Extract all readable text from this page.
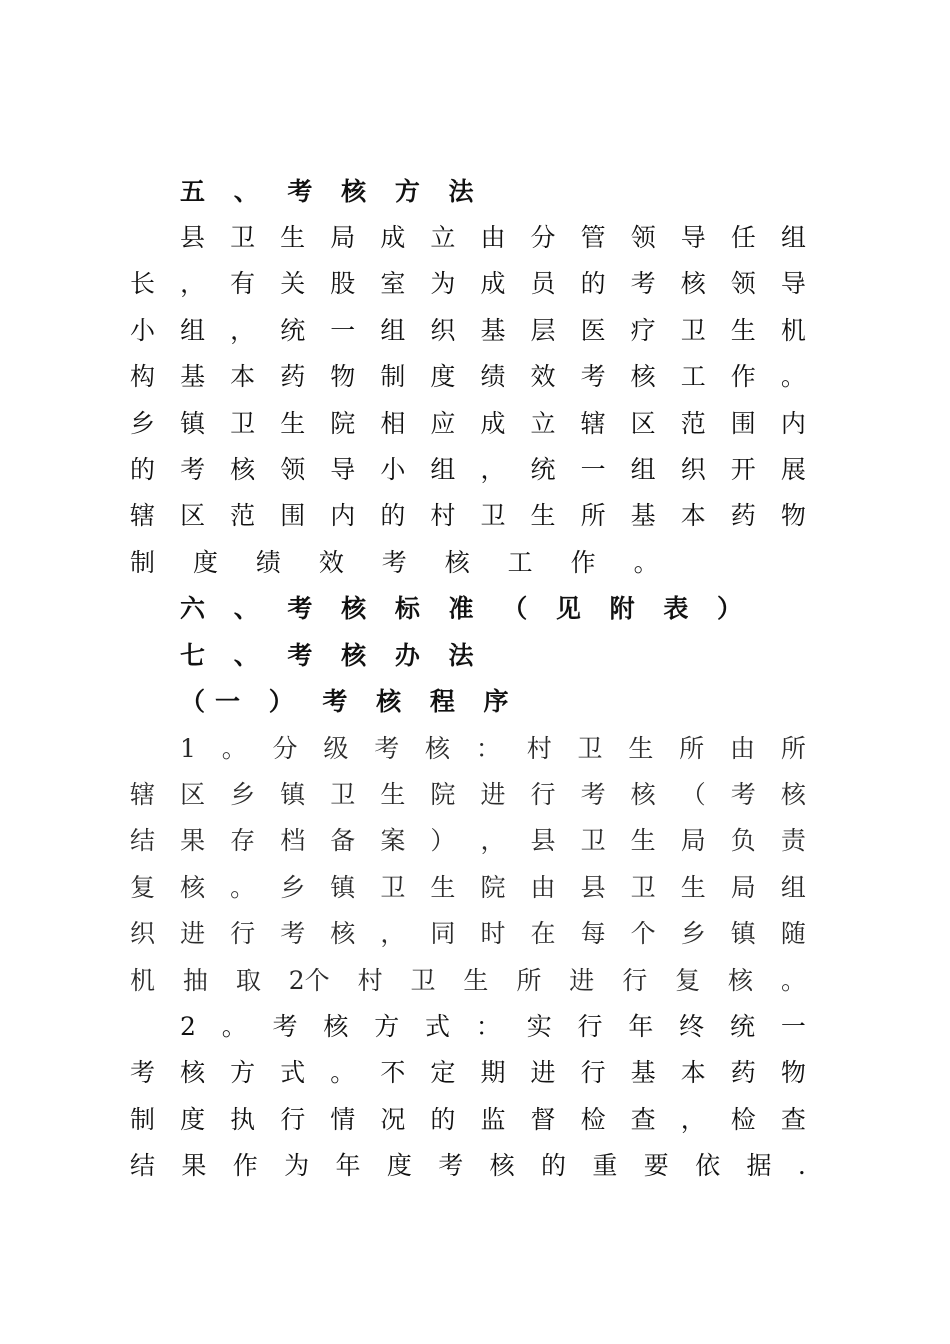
五 、 考 核 方 法
县 卫 生 局 成 立 由 分 管 领 导 任 组
长 ， 有 关 股 室 为 成 员 的 考 核 领 导
小 组 ， 统 一 组 织 基 层 医 疗 卫 生 机
构 基 本 药 物 制 度 绩 效 考 核 工 作 。
乡 镇 卫 生 院 相 应 成 立 辖 区 范 围 内
的 考 核 领 导 小 组 ， 统 一 组 织 开 展
辖 区 范 围 内 的 村 卫 生 所 基 本 药 物
制 度 绩 效 考 核 工 作 。
六 、 考 核 标 准 （ 见 附 表 ）
七 、 考 核 办 法
（一 ） 考 核 程 序
1 。 分 级 考 核 ： 村 卫 生 所 由 所
辖 区 乡 镇 卫 生 院 进 行 考 核 （ 考 核
结 果 存 档 备 案 ） ， 县 卫 生 局 负 责
复 核 。 乡 镇 卫 生 院 由 县 卫 生 局 组
织 进 行 考 核 ， 同 时 在 每 个 乡 镇 随
机 抽 取 2个 村 卫 生 所 进 行 复 核 。
2 。 考 核 方 式 ： 实 行 年 终 统 一
考 核 方 式 。 不 定 期 进 行 基 本 药 物
制 度 执 行 情 况 的 监 督 检 查 ， 检 查
结 果 作 为 年 度 考 核 的 重 要 依 据 .
